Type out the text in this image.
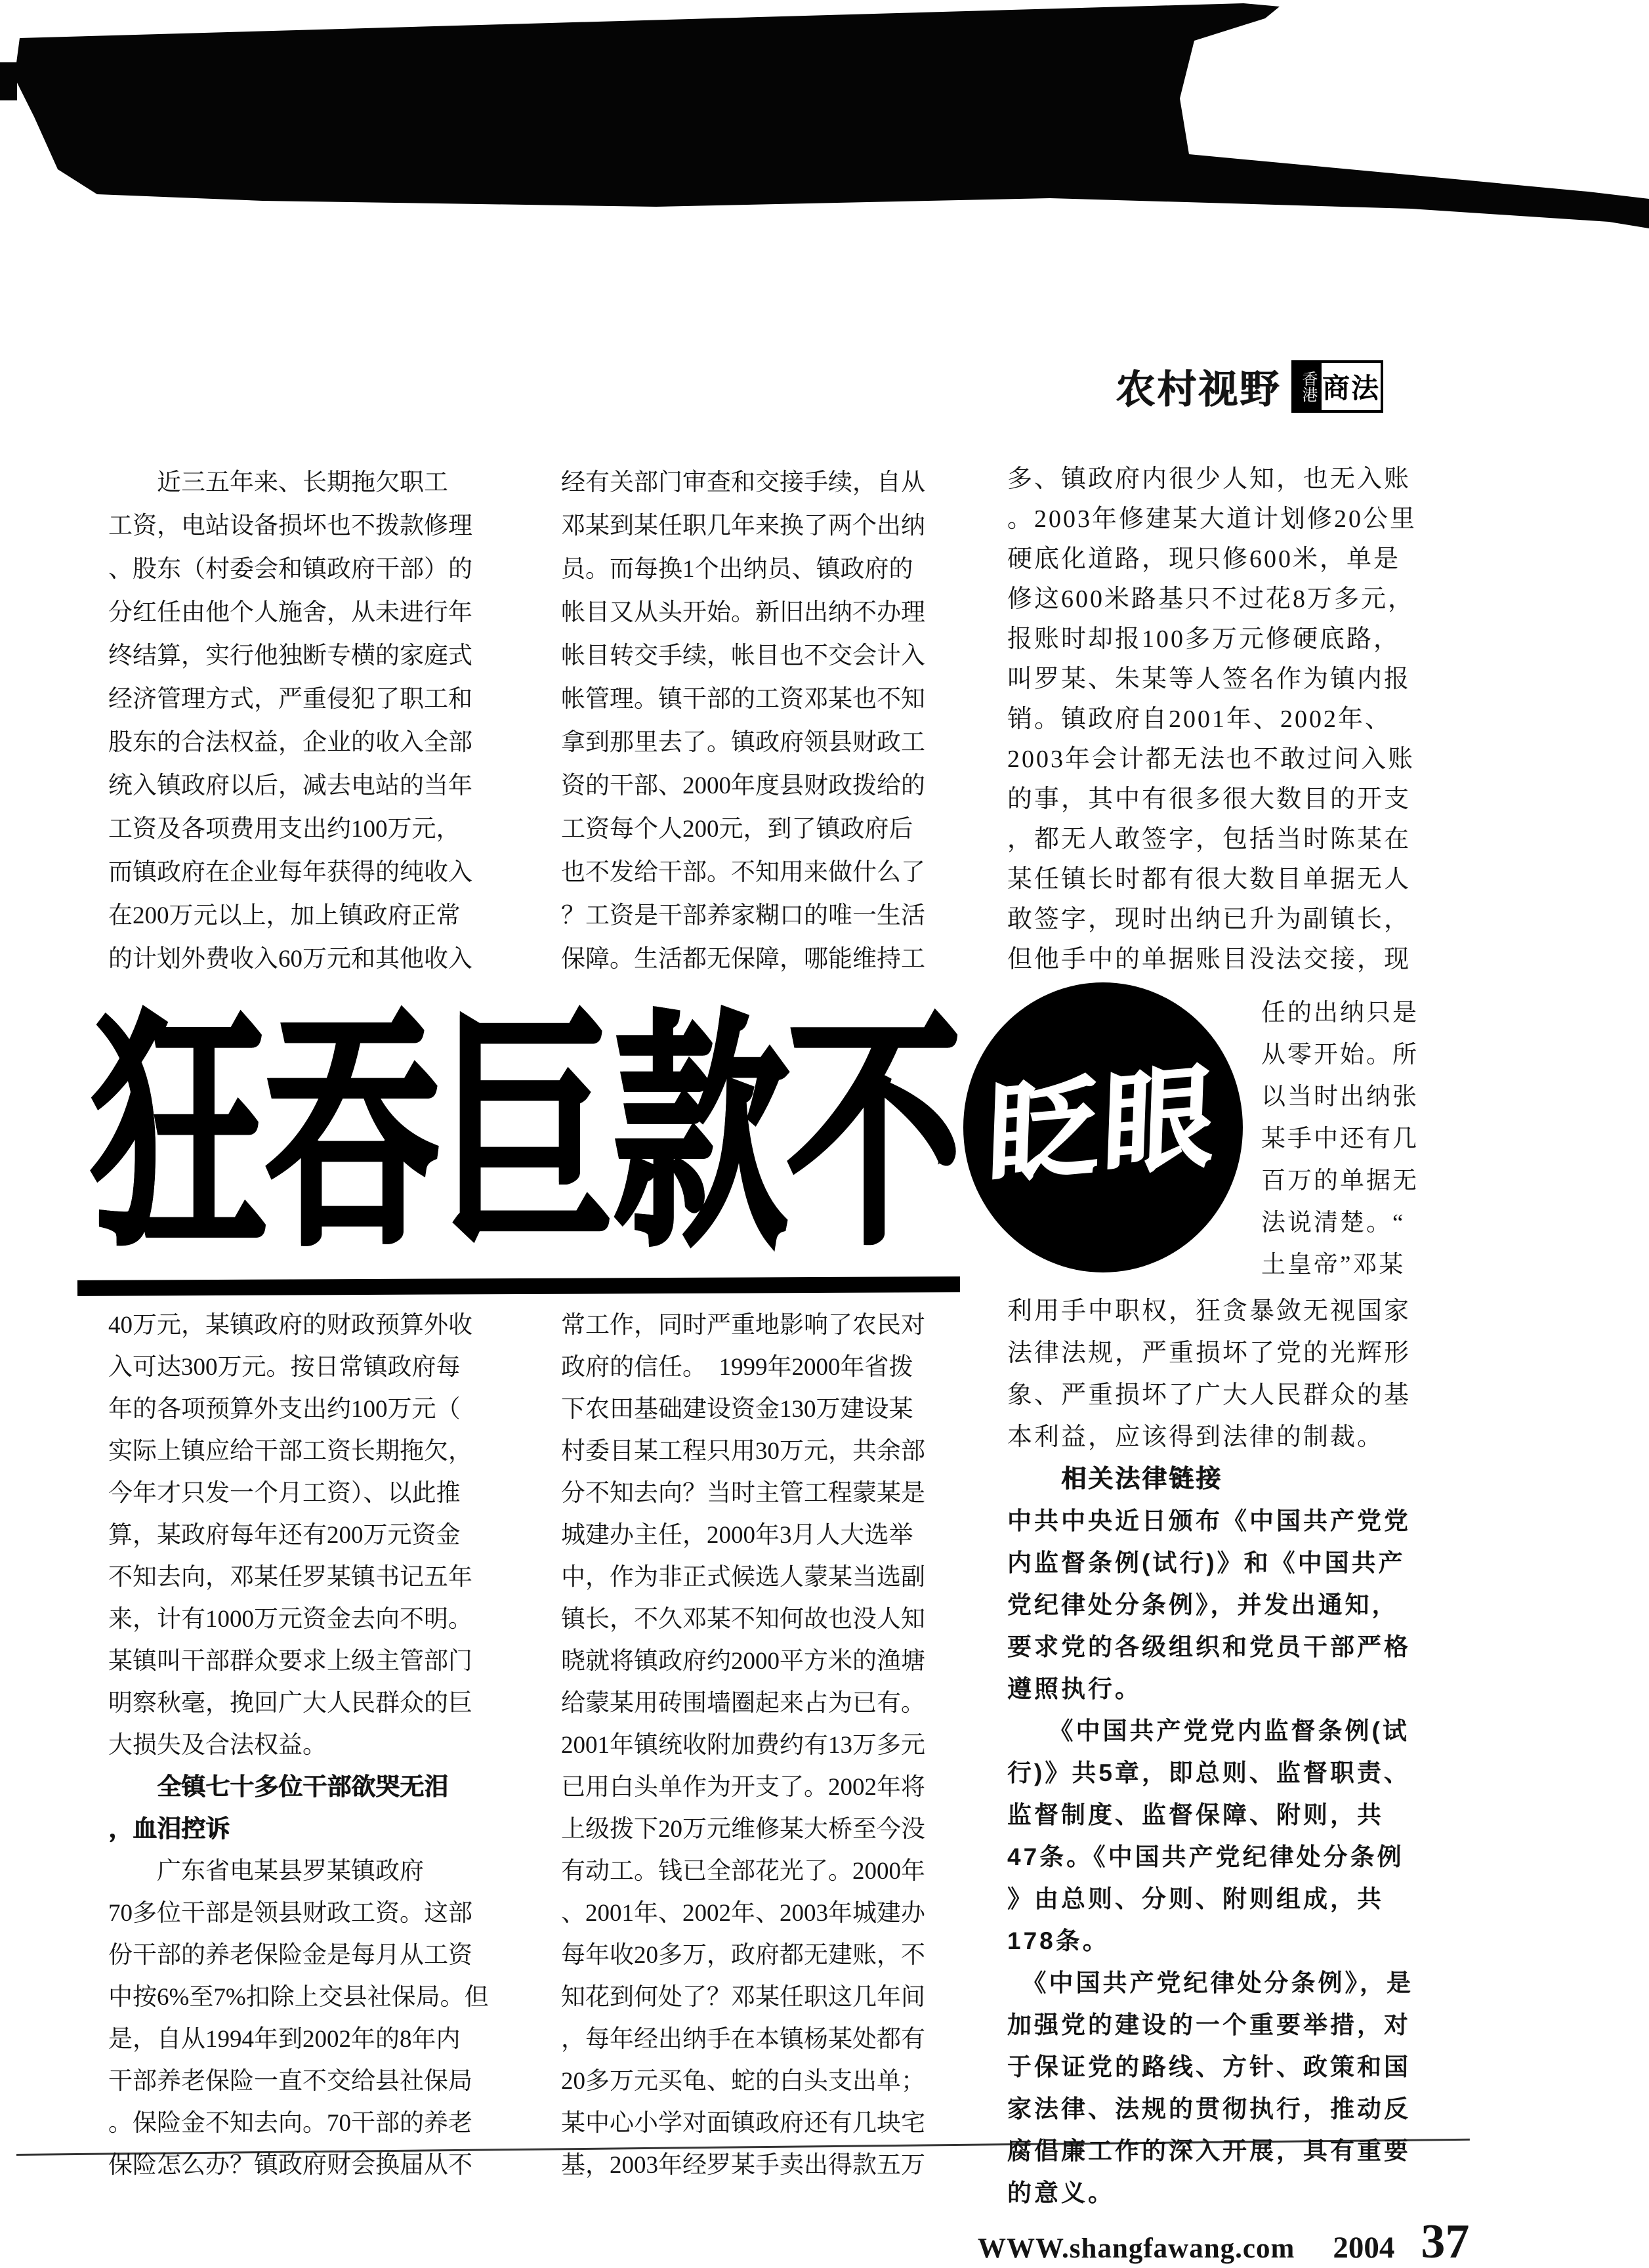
农村视野	香港 商法
　　近三五年来、长期拖欠职工
工资，电站设备损坏也不拨款修理
、股东（村委会和镇政府干部）的
分红任由他个人施舍，从未进行年
终结算，实行他独断专横的家庭式
经济管理方式，严重侵犯了职工和
股东的合法权益，企业的收入全部
统入镇政府以后，减去电站的当年
工资及各项费用支出约100万元，
而镇政府在企业每年获得的纯收入
在200万元以上，加上镇政府正常
的计划外费收入60万元和其他收入
经有关部门审查和交接手续，自从
邓某到某任职几年来换了两个出纳
员。而每换1个出纳员、镇政府的
帐目又从头开始。新旧出纳不办理
帐目转交手续，帐目也不交会计入
帐管理。镇干部的工资邓某也不知
拿到那里去了。镇政府领县财政工
资的干部、2000年度县财政拨给的
工资每个人200元，到了镇政府后
也不发给干部。不知用来做什么了
？工资是干部养家糊口的唯一生活
保障。生活都无保障，哪能维持工
多、镇政府内很少人知，也无入账
。2003年修建某大道计划修20公里
硬底化道路，现只修600米，单是
修这600米路基只不过花8万多元，
报账时却报100多万元修硬底路，
叫罗某、朱某等人签名作为镇内报
销。镇政府自2001年、2002年、
2003年会计都无法也不敢过问入账
的事，其中有很多很大数目的开支
，都无人敢签字，包括当时陈某在
某任镇长时都有很大数目单据无人
敢签字，现时出纳已升为副镇长，
但他手中的单据账目没法交接，现
狂吞巨款不 眨眼
任的出纳只是
从零开始。所
以当时出纳张
某手中还有几
百万的单据无
法说清楚。“
土皇帝”邓某
40万元，某镇政府的财政预算外收
入可达300万元。按日常镇政府每
年的各项预算外支出约100万元（
实际上镇应给干部工资长期拖欠，
今年才只发一个月工资）、以此推
算，某政府每年还有200万元资金
不知去向，邓某任罗某镇书记五年
来，计有1000万元资金去向不明。
某镇叫干部群众要求上级主管部门
明察秋毫，挽回广大人民群众的巨
大损失及合法权益。
　　全镇七十多位干部欲哭无泪
，血泪控诉
　　广东省电某县罗某镇政府
70多位干部是领县财政工资。这部
份干部的养老保险金是每月从工资
中按6%至7%扣除上交县社保局。但
是，自从1994年到2002年的8年内
干部养老保险一直不交给县社保局
。保险金不知去向。70干部的养老
保险怎么办？镇政府财会换届从不
常工作，同时严重地影响了农民对
政府的信任。　1999年2000年省拨
下农田基础建设资金130万建设某
村委目某工程只用30万元，共余部
分不知去向？当时主管工程蒙某是
城建办主任，2000年3月人大选举
中，作为非正式候选人蒙某当选副
镇长，不久邓某不知何故也没人知
晓就将镇政府约2000平方米的渔塘
给蒙某用砖围墙圈起来占为已有。
2001年镇统收附加费约有13万多元
已用白头单作为开支了。2002年将
上级拨下20万元维修某大桥至今没
有动工。钱已全部花光了。2000年
、2001年、2002年、2003年城建办
每年收20多万，政府都无建账，不
知花到何处了？邓某任职这几年间
，每年经出纳手在本镇杨某处都有
20多万元买龟、蛇的白头支出单；
某中心小学对面镇政府还有几块宅
基，2003年经罗某手卖出得款五万
利用手中职权，狂贪暴敛无视国家
法律法规，严重损坏了党的光辉形
象、严重损坏了广大人民群众的基
本利益，应该得到法律的制裁。
　　相关法律链接
中共中央近日颁布《中国共产党党
内监督条例(试行)》和《中国共产
党纪律处分条例》，并发出通知，
要求党的各级组织和党员干部严格
遵照执行。
　　《中国共产党党内监督条例(试
行)》共5章，即总则、监督职责、
监督制度、监督保障、附则，共
47条。《中国共产党纪律处分条例
》由总则、分则、附则组成，共
178条。
　《中国共产党纪律处分条例》，是
加强党的建设的一个重要举措，对
于保证党的路线、方针、政策和国
家法律、法规的贯彻执行，推动反
腐倡廉工作的深入开展，具有重要
的意义。
WWW.shangfawang.com 2004 37
